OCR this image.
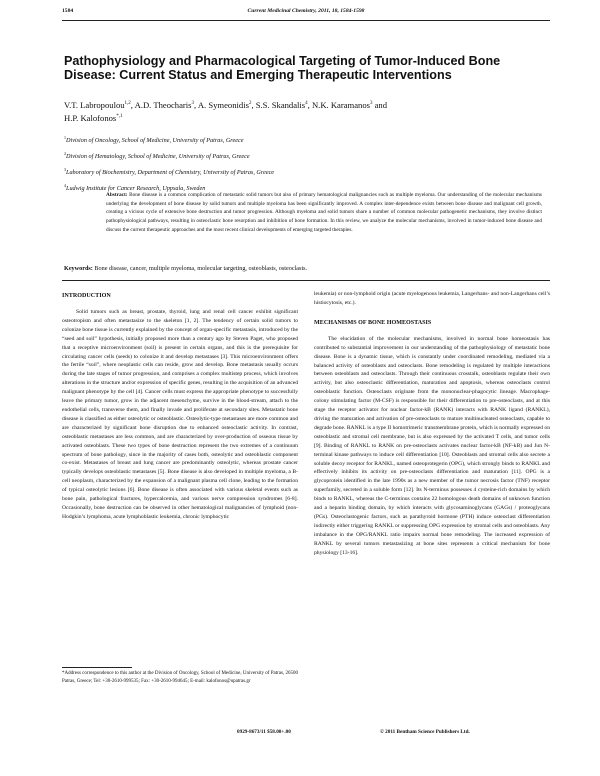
1584	Current Medicinal Chemistry, 2011, 18, 1584-1598
Pathophysiology and Pharmacological Targeting of Tumor-Induced Bone Disease: Current Status and Emerging Therapeutic Interventions
V.T. Labropoulou$^{1,2}$, A.D. Theocharis$^3$, A. Symeonidis$^2$, S.S. Skandalis$^4$, N.K. Karamanos$^3$ and
H.P. Kalofonos$^{*,1}$
$^1$Division of Oncology, School of Medicine, University of Patras, Greece
$^2$Division of Hematology, School of Medicine, University of Patras, Greece
$^3$Laboratory of Biochemistry, Department of Chemistry, University of Patras, Greece
$^4$Ludwig Institute for Cancer Research, Uppsala, Sweden
Abstract: Bone disease is a common complication of metastatic solid tumors but also of primary hematological malignancies such as multiple myeloma. Our understanding of the molecular mechanisms underlying the development of bone disease by solid tumors and multiple myeloma has been significantly improved. A complex inter-dependence exists between bone disease and malignant cell growth, creating a vicious cycle of extensive bone destruction and tumor progression. Although myeloma and solid tumors share a number of common molecular pathogenetic mechanisms, they involve distinct pathophysiological pathways, resulting in osteoclastic bone resorption and inhibition of bone formation. In this review, we analyze the molecular mechanisms, involved in tumor-induced bone disease and discuss the current therapeutic approaches and the most recent clinical developments of emerging targeted therapies.
Keywords: Bone disease, cancer, multiple myeloma, molecular targeting, osteoblasts, osteoclasts.
INTRODUCTION

Solid tumors such as breast, prostate, thyroid, lung and renal cell cancer exhibit significant osteotropism and often metastasize to the skeleton [1, 2]. The tendency of certain solid tumors to colonize bone tissue is currently explained by the concept of organ-specific metastasis, introduced by the “seed and soil” hypothesis, initially proposed more than a century ago by Steven Paget, who proposed that a receptive microenvironment (soil) is present in certain organs, and this is the prerequisite for circulating cancer cells (seeds) to colonize it and develop metastases [3]. This microenvironment offers the fertile “soil”, where neoplastic cells can reside, grow and develop. Bone metastasis usually occurs during the late stages of tumor progression, and comprises a complex multistep process, which involves alterations in the structure and/or expression of specific genes, resulting in the acquisition of an advanced malignant phenotype by the cell [4]. Cancer cells must express the appropriate phenotype to successfully leave the primary tumor, grow in the adjacent mesenchyme, survive in the blood-stream, attach to the endothelial cells, transverse them, and finally invade and proliferate at secondary sites. Metastatic bone disease is classified as either osteolytic or osteoblastic. Osteolytic-type metastases are more common and are characterized by significant bone disruption due to enhanced osteoclastic activity. In contrast, osteoblastic metastases are less common, and are characterized by over-production of osseous tissue by activated osteoblasts. These two types of bone destruction represent the two extremes of a continuum spectrum of bone pathology, since in the majority of cases both, osteolytic and osteoblastic component co-exist. Metastases of breast and lung cancer are predominantly osteolytic, whereas prostate cancer typically develops osteoblastic metastases [5]. Bone disease is also developed in multiple myeloma, a B-cell neoplasm, characterized by the expansion of a malignant plasma cell clone, leading to the formation of typical osteolytic lesions [6]. Bone disease is often associated with various skeletal events such as bone pain, pathological fractures, hypercalcemia, and various nerve compression syndromes [6-8]. Occasionally, bone destruction can be observed in other hematological malignancies of lymphoid (non-Hodgkin’s lymphoma, acute lymphoblastic leukemia, chronic lymphocytic

leukemia) or non-lymphoid origin (acute myelogenous leukemia, Langerhans- and non-Langerhans cell’s histiocytosis, etc.).

MECHANISMS OF BONE HOMEOSTASIS

The elucidation of the molecular mechanisms, involved in normal bone homeostasis has contributed to substantial improvement in our understanding of the pathophysiology of metastatic bone disease. Bone is a dynamic tissue, which is constantly under coordinated remodeling, mediated via a balanced activity of osteoblasts and osteoclasts. Bone remodeling is regulated by multiple interactions between osteoblasts and osteoclasts. Through their continuous crosstalk, osteoblasts regulate their own activity, but also osteoclastic differentiation, maturation and apoptosis, whereas osteoclasts control osteoblastic function. Osteoclasts originate from the mononuclear-phagocytic lineage. Macrophage-colony stimulating factor (M-CSF) is responsible for their differentiation to pre-osteoclasts, and at this stage the receptor activator for nuclear factor-kB (RANK) interacts with RANK ligand (RANKL), driving the maturation and activation of pre-osteoclasts to mature multinucleated osteoclasts, capable to degrade bone. RANKL is a type II homotrimeric transmembrane protein, which is normally expressed on osteoblastic and stromal cell membrane, but is also expressed by the activated T cells, and tumor cells [9]. Binding of RANKL to RANK on pre-osteoclasts activates nuclear factor-kB (NF-kB) and Jun N-terminal kinase pathways to induce cell differentiation [10]. Osteoblasts and stromal cells also secrete a soluble decoy receptor for RANKL, named osteoprotegerin (OPG), which strongly binds to RANKL and effectively inhibits its activity on pre-osteoclasts differentiation and maturation [11]. OPG is a glycoprotein identified in the late 1990s as a new member of the tumor necrosis factor (TNF) receptor superfamily, secreted in a soluble form [12]. Its N-terminus possesses 4 cysteine-rich domains by which binds to RANKL, whereas the C-terminus contains 22 homologous death domains of unknown function and a heparin binding domain, by which interacts with glycosaminoglycans (GAGs) / proteoglycans (PGs). Osteoclastogenic factors, such as parathyroid hormone (PTH) induce osteoclast differentiation indirectly either triggering RANKL or suppressing OPG expression by stromal cells and osteoblasts. Any imbalance in the OPG/RANKL ratio impairs normal bone remodeling. The increased expression of RANKL by several tumors metastasizing at bone sites represents a critical mechanism for bone physiology [13-16].

*Address correspondence to this author at the Division of Oncology, School of Medicine, University of Patras, 26500 Patras, Greece; Tel: +30-2610-999535; Fax: +30-2610-994645; E-mail: kalofonos@upatras.gr
0929-8673/11 $58.00+.00	© 2011 Bentham Science Publishers Ltd.
